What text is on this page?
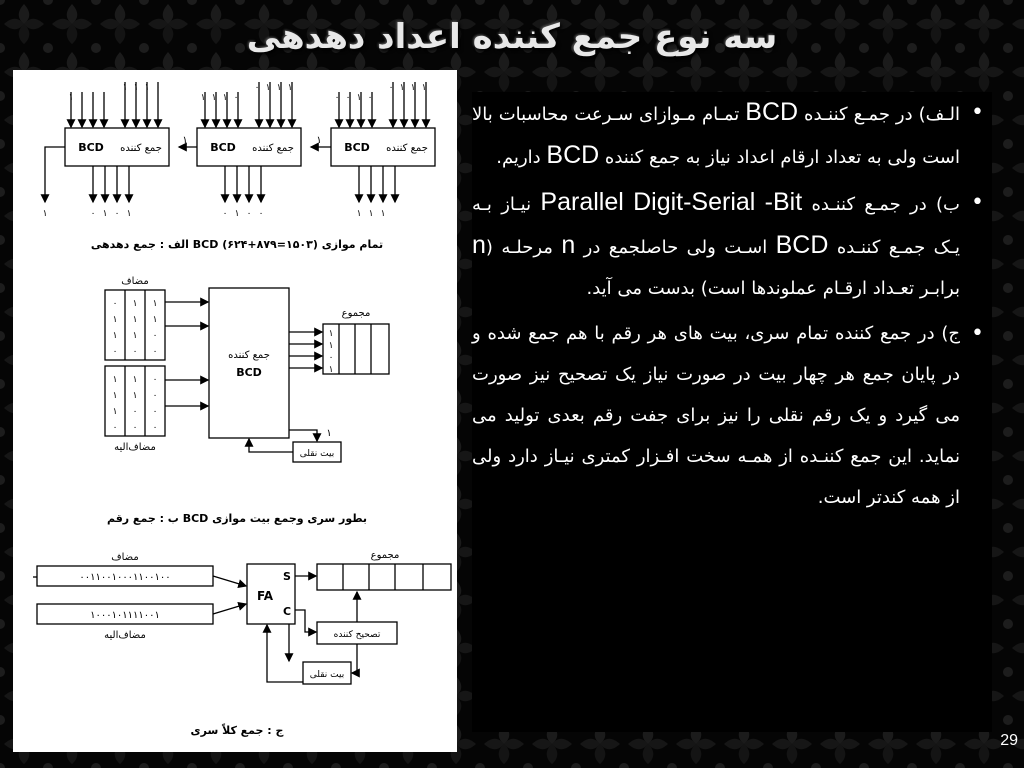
سه نوع جمع کننده اعداد دهدهی
جمع کننده
BCD	جمع کننده
BCD	جمع کننده
BCD
۱	۱
الف : جمع دهدهی BCD تمام موازی (۱۵۰۳=۸۷۹+۶۲۴)
مضاف
مضاف‌الیه
مجموع
جمع کننده
BCD
بیت نقلی
۱
ب : جمع رقم BCD بطور سری وجمع بیت موازی
مضاف
مضاف‌الیه
مجموع
۰۰۱۱۰۰۱۰۰۰۱۱۰۰۱۰۰
۱۰۰۰۱۰۱۱۱۱۰۰۱
FA
S
C
تصحیح کننده
بیت نقلی
ج : جمع کلاً سری
۱ ۰ ۰ ۰
۱ ۱ ۱ ۰
۱ ۱ ۱ ۰
۰ ۱ ۱ ۱
۰ ۰ ۱ ۰
۰ ۱ ۱ ۱
۱	۰ ۱ ۰ ۱	۰ ۱ ۰ ۰	۱ ۱ ۱
۰ ۱ ۱
۱ ۱ ۱
۱ ۱ ۰
۰ ۰ ۰
۱ ۱ ۰
۱ ۱ ۰
۱ ۰ ۰
۰ ۰ ۰
۱
۱
۰
۱
•
الـف) در جمـع کننـده BCD تمـام مـوازای سـرعت محاسبات بالا است ولی به تعداد ارقام اعداد نیاز به جمع کننده BCD داریم.
•
ب) در جمـع کننـده -Bit Digit-Serial Parallel نیـاز بـه یـک جمـع کننـده BCD اسـت ولی حاصلجمع در n مرحلـه (n برابـر تعـداد ارقـام عملوندها است) بدست می آید.
•
ج) در جمع کننده تمام سری، بیت های هر رقم با هم جمع شده و در پایان جمع هر چهار بیت در صورت نیاز یک تصحیح نیز صورت می گیرد و یک رقم نقلی را نیز برای جفت رقم بعدی تولید می نماید. این جمع کننـده از همـه سخت افـزار کمتری نیـاز دارد ولی از همه کندتر است.
29
